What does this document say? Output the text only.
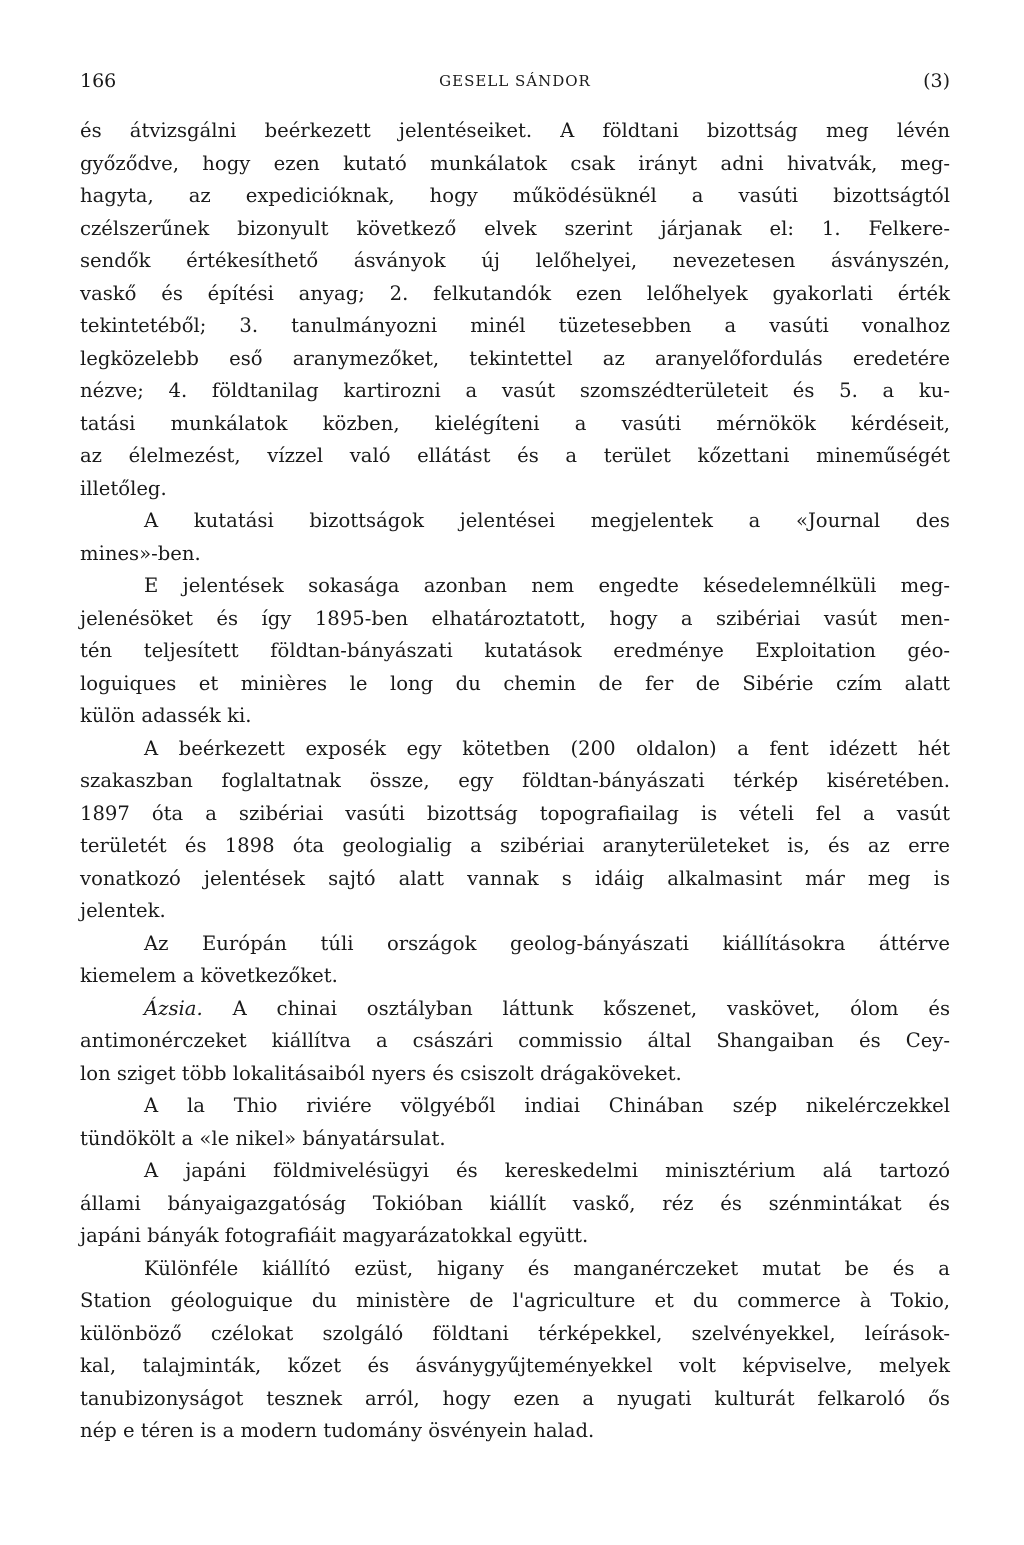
166	GESELL SÁNDOR	(3)
és átvizsgálni beérkezett jelentéseiket. A földtani bizottság meg lévén
győződve, hogy ezen kutató munkálatok csak irányt adni hivatvák, meg-
hagyta, az expediciόknak, hogy működésüknél a vasúti bizottságtól
czélszerűnek bizonyult következő elvek szerint járjanak el: 1. Felkere-
sendők értékesíthető ásványok új lelőhelyei, nevezetesen ásványszén,
vaskő és építési anyag; 2. felkutandók ezen lelőhelyek gyakorlati érték
tekintetéből; 3. tanulmányozni minél tüzetesebben a vasúti vonalhoz
legközelebb eső aranymezőket, tekintettel az aranyelőfordulás eredetére
nézve; 4. földtanilag kartirozni a vasút szomszédterületeit és 5. a ku-
tatási munkálatok közben, kielégíteni a vasúti mérnökök kérdéseit,
az élelmezést, vízzel való ellátást és a terület kőzettani mineműségét
illetőleg.
A kutatási bizottságok jelentései megjelentek a «Journal des
mines»-ben.
E jelentések sokasága azonban nem engedte késedelemnélküli meg-
jelenésöket és így 1895-ben elhatároztatott, hogy a szibériai vasút men-
tén teljesített földtan-bányászati kutatások eredménye Exploitation géo-
loguiques et minières le long du chemin de fer de Sibérie czím alatt
külön adassék ki.
A beérkezett exposék egy kötetben (200 oldalon) a fent idézett hét
szakaszban foglaltatnak össze, egy földtan-bányászati térkép kiséretében.
1897 óta a szibériai vasúti bizottság topografiailag is vételi fel a vasút
területét és 1898 óta geologialig a szibériai aranyterületeket is, és az erre
vonatkozó jelentések sajtó alatt vannak s idáig alkalmasint már meg is
jelentek.
Az Európán túli országok geolog-bányászati kiállításokra áttérve
kiemelem a következőket.
Ázsia. A chinai osztályban láttunk kőszenet, vaskövet, ólom és
antimonérczeket kiállítva a császári commissio által Shangaiban és Cey-
lon sziget több lokalitásaiból nyers és csiszolt drágaköveket.
A la Thio riviére völgyéből indiai Chinában szép nikelérczekkel
tündökölt a «le nikel» bányatársulat.
A japáni földmivelésügyi és kereskedelmi minisztérium alá tartozó
állami bányaigazgatóság Tokióban kiállít vaskő, réz és szénmintákat és
japáni bányák fotografiáit magyarázatokkal együtt.
Különféle kiállító ezüst, higany és manganérczeket mutat be és a
Station géologuique du ministère de l'agriculture et du commerce à Tokio,
különböző czélokat szolgáló földtani térképekkel, szelvényekkel, leírások-
kal, talajminták, kőzet és ásványgyűjteményekkel volt képviselve, melyek
tanubizonyságot tesznek arról, hogy ezen a nyugati kulturát felkaroló ős
nép e téren is a modern tudomány ösvényein halad.
